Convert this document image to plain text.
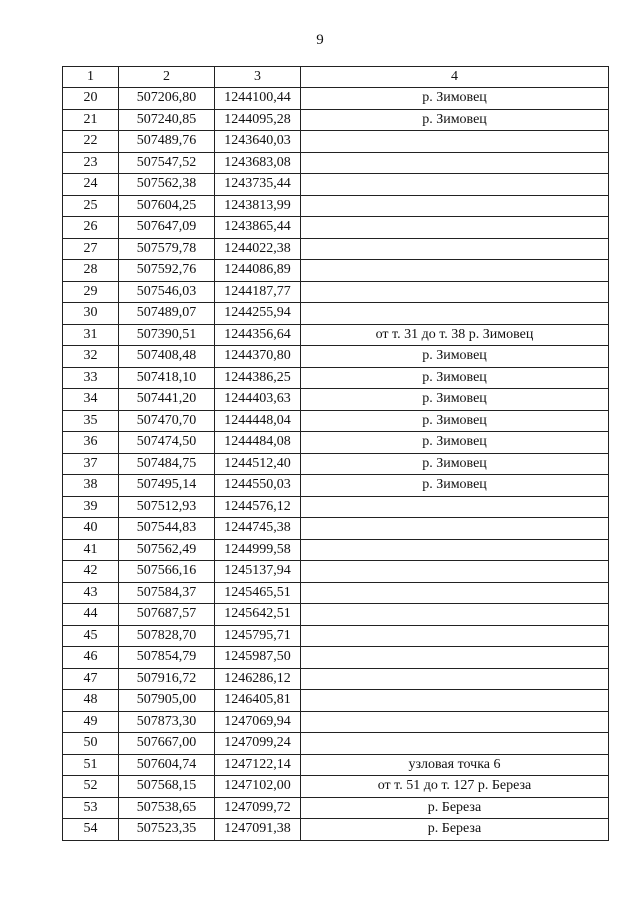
9
1	2	3	4
20	507206,80	1244100,44	р. Зимовец
21	507240,85	1244095,28	р. Зимовец
22	507489,76	1243640,03	
23	507547,52	1243683,08	
24	507562,38	1243735,44	
25	507604,25	1243813,99	
26	507647,09	1243865,44	
27	507579,78	1244022,38	
28	507592,76	1244086,89	
29	507546,03	1244187,77	
30	507489,07	1244255,94	
31	507390,51	1244356,64	от т. 31 до т. 38 р. Зимовец
32	507408,48	1244370,80	р. Зимовец
33	507418,10	1244386,25	р. Зимовец
34	507441,20	1244403,63	р. Зимовец
35	507470,70	1244448,04	р. Зимовец
36	507474,50	1244484,08	р. Зимовец
37	507484,75	1244512,40	р. Зимовец
38	507495,14	1244550,03	р. Зимовец
39	507512,93	1244576,12	
40	507544,83	1244745,38	
41	507562,49	1244999,58	
42	507566,16	1245137,94	
43	507584,37	1245465,51	
44	507687,57	1245642,51	
45	507828,70	1245795,71	
46	507854,79	1245987,50	
47	507916,72	1246286,12	
48	507905,00	1246405,81	
49	507873,30	1247069,94	
50	507667,00	1247099,24	
51	507604,74	1247122,14	узловая точка 6
52	507568,15	1247102,00	от т. 51 до т. 127 р. Береза
53	507538,65	1247099,72	р. Береза
54	507523,35	1247091,38	р. Береза
